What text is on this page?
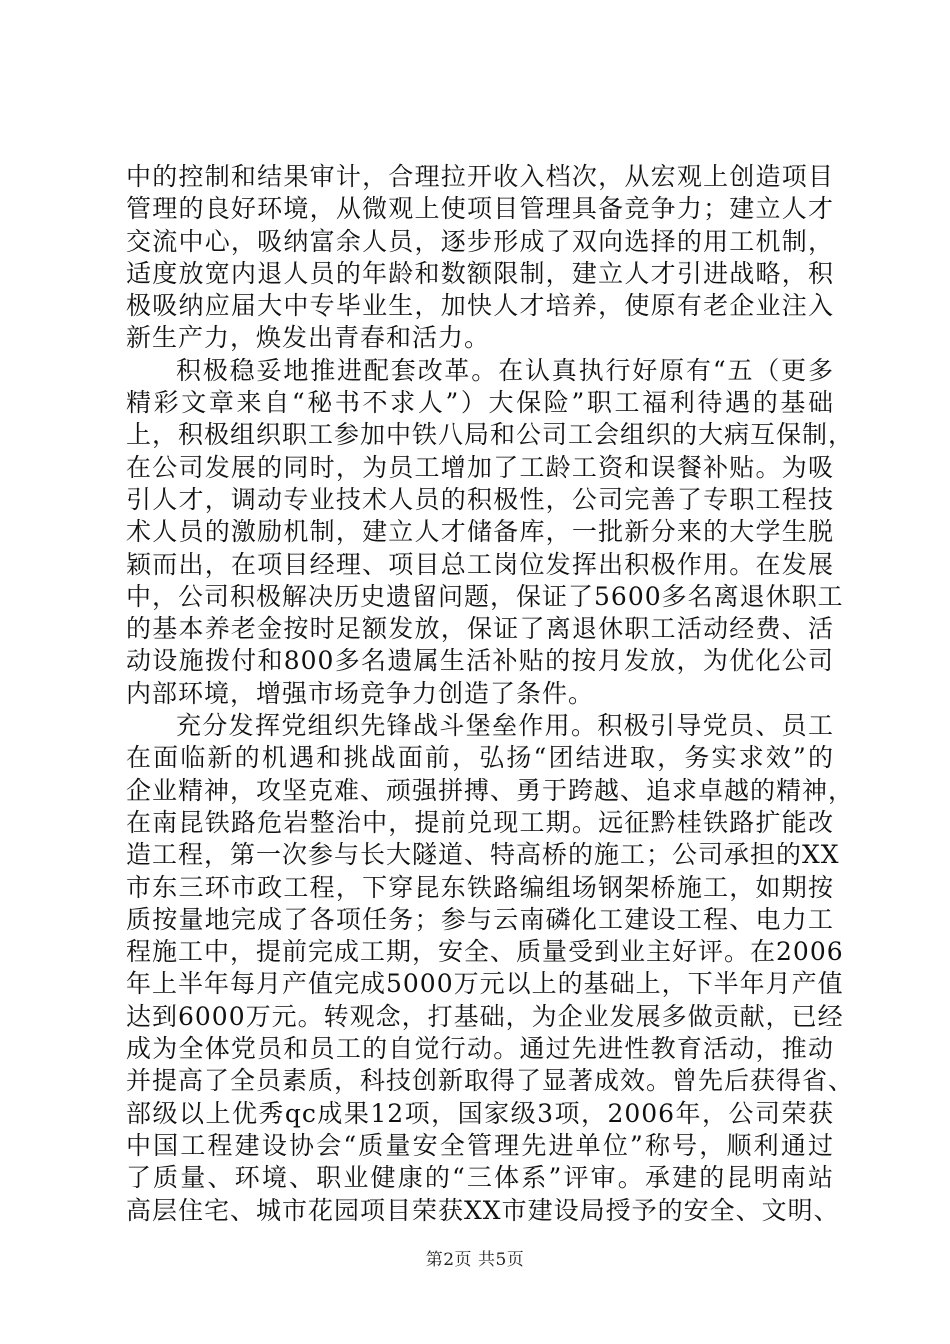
中的控制和结果审计，合理拉开收入档次，从宏观上创造项目
管理的良好环境，从微观上使项目管理具备竞争力；建立人才
交流中心，吸纳富余人员，逐步形成了双向选择的用工机制，
适度放宽内退人员的年龄和数额限制，建立人才引进战略，积
极吸纳应届大中专毕业生，加快人才培养，使原有老企业注入
新生产力，焕发出青春和活力。
积极稳妥地推进配套改革。在认真执行好原有“五（更多
精彩文章来自“秘书不求人”）大保险”职工福利待遇的基础
上，积极组织职工参加中铁八局和公司工会组织的大病互保制，
在公司发展的同时，为员工增加了工龄工资和误餐补贴。为吸
引人才，调动专业技术人员的积极性，公司完善了专职工程技
术人员的激励机制，建立人才储备库，一批新分来的大学生脱
颖而出，在项目经理、项目总工岗位发挥出积极作用。在发展
中，公司积极解决历史遗留问题，保证了5600多名离退休职工
的基本养老金按时足额发放，保证了离退休职工活动经费、活
动设施拨付和800多名遗属生活补贴的按月发放，为优化公司
内部环境，增强市场竞争力创造了条件。
充分发挥党组织先锋战斗堡垒作用。积极引导党员、员工
在面临新的机遇和挑战面前，弘扬“团结进取，务实求效”的
企业精神，攻坚克难、顽强拼搏、勇于跨越、追求卓越的精神，
在南昆铁路危岩整治中，提前兑现工期。远征黔桂铁路扩能改
造工程，第一次参与长大隧道、特高桥的施工；公司承担的XX
市东三环市政工程，下穿昆东铁路编组场钢架桥施工，如期按
质按量地完成了各项任务；参与云南磷化工建设工程、电力工
程施工中，提前完成工期，安全、质量受到业主好评。在2006
年上半年每月产值完成5000万元以上的基础上，下半年月产值
达到6000万元。转观念，打基础，为企业发展多做贡献，已经
成为全体党员和员工的自觉行动。通过先进性教育活动，推动
并提高了全员素质，科技创新取得了显著成效。曾先后获得省、
部级以上优秀qc成果12项，国家级3项，2006年，公司荣获
中国工程建设协会“质量安全管理先进单位”称号，顺利通过
了质量、环境、职业健康的“三体系”评审。承建的昆明南站
高层住宅、城市花园项目荣获XX市建设局授予的安全、文明、
第2页 共5页
